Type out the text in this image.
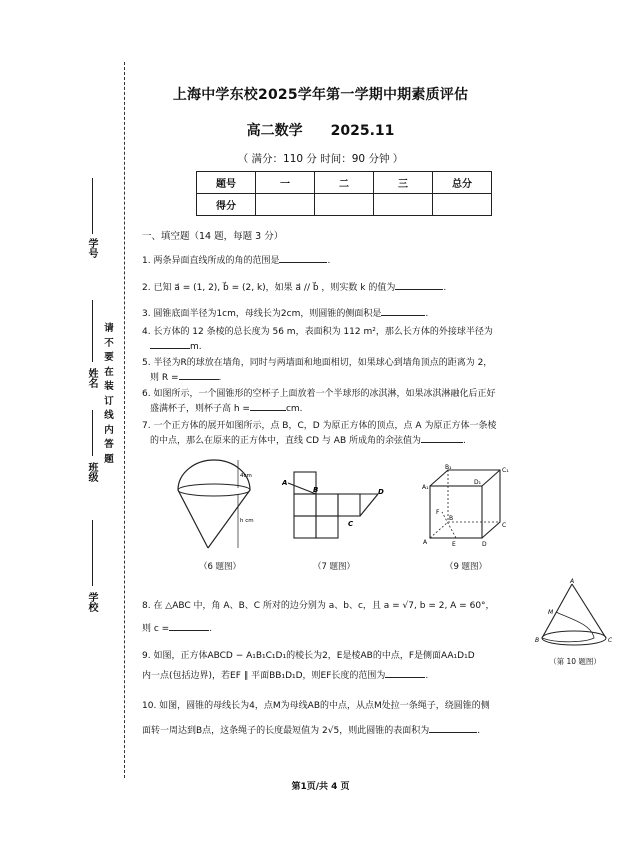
学号
姓名
班级
学校
请
不
要
在
装
订
线
内
答
题
上海中学东校2025学年第一学期中期素质评估
高二数学 2025.11
（ 满分：110 分 时间：90 分钟 ）
题号	一	二	三	总分
得分				
一、填空题（14 题，每题 3 分）
1. 两条异面直线所成的角的范围是	.
2. 已知 a⃗ = (1, 2), b⃗ = (2, k)，如果 a⃗ // b⃗ ，则实数 k 的值为	.
3. 圆锥底面半径为1cm，母线长为2cm，则圆锥的侧面积是	.
4. 长方体的 12 条棱的总长度为 56 m，表面积为 112 m²，那么长方体的外接球半径为
m.
5. 半径为R的球放在墙角，同时与两墙面和地面相切，如果球心到墙角顶点的距离为 2，
则 R =	.
6. 如图所示，一个圆锥形的空杯子上面放着一个半球形的冰淇淋，如果冰淇淋融化后正好
盛满杯子，则杯子高 h =	cm.
7. 一个正方体的展开如图所示，点 B，C，D 为原正方体的顶点，点 A 为原正方体一条棱
的中点，那么在原来的正方体中，直线 CD 与 AB 所成角的余弦值为	.
4cm
h cm
（6 题图）
A
B
C
D
（7 题图）
A₁
B₁	C₁
D₁
A
B
C
D
E
F
（9 题图）
8. 在 △ABC 中，角 A、B、C 所对的边分别为 a、b、c，且 a = √7, b = 2, A = 60°，
则 c =	.
A
M
B	C
（第 10 题图）
9. 如图，正方体ABCD − A₁B₁C₁D₁的棱长为2，E是棱AB的中点，F是侧面AA₁D₁D
内一点(包括边界)，若EF ∥ 平面BB₁D₁D，则EF长度的范围为	.
10. 如图，圆锥的母线长为4，点M为母线AB的中点，从点M处拉一条绳子，绕圆锥的侧
面转一周达到B点，这条绳子的长度最短值为 2√5，则此圆锥的表面积为	.
第1页/共 4 页
